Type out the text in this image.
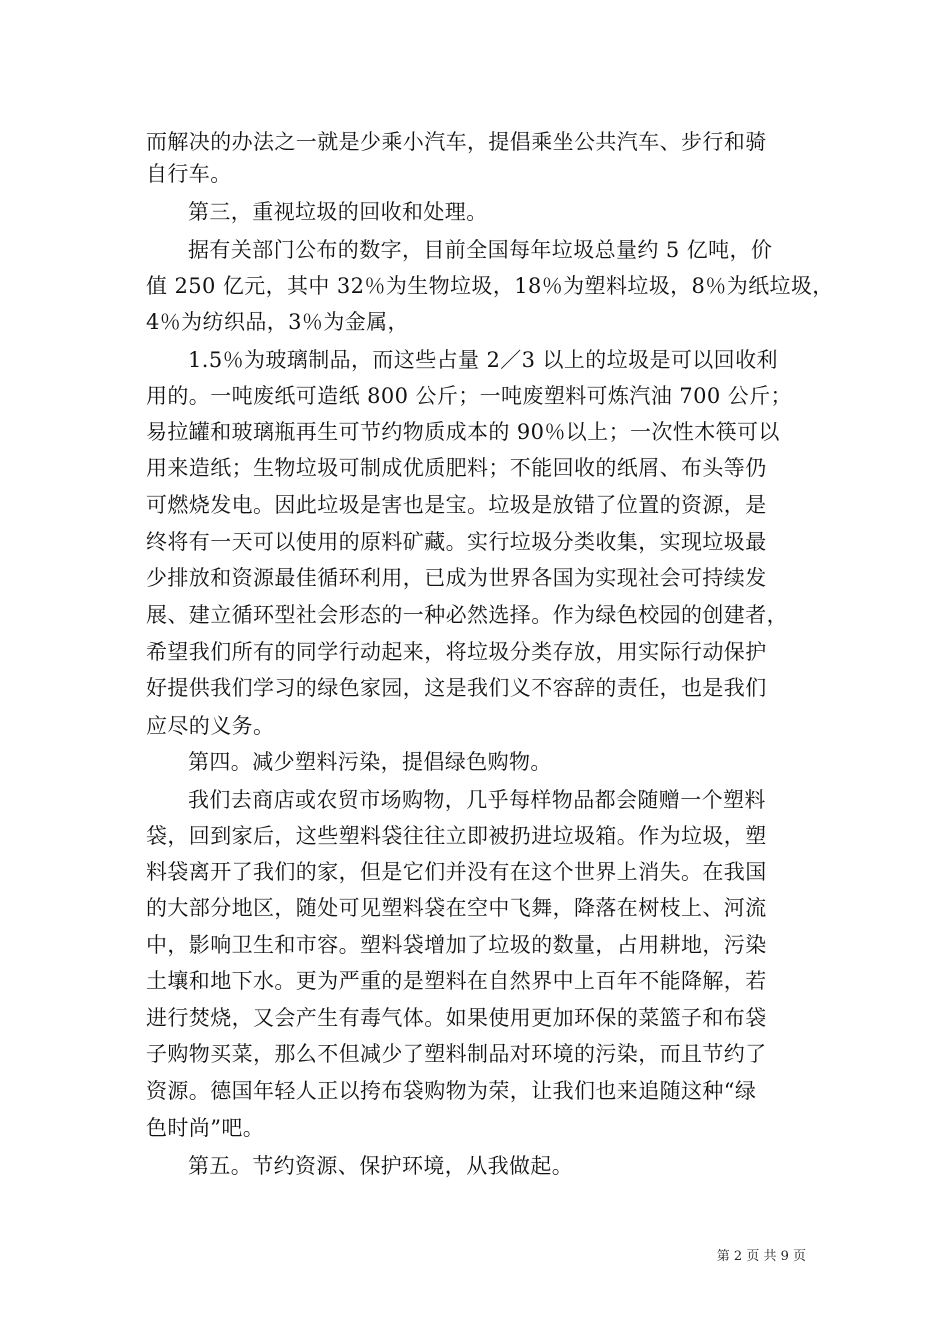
而解决的办法之一就是少乘小汽车，提倡乘坐公共汽车、步行和骑
自行车。
第三，重视垃圾的回收和处理。
据有关部门公布的数字，目前全国每年垃圾总量约 5 亿吨，价
值 250 亿元，其中 32％为生物垃圾，18％为塑料垃圾，8％为纸垃圾，
4％为纺织品，3％为金属，
1.5％为玻璃制品，而这些占量 2／3 以上的垃圾是可以回收利
用的。一吨废纸可造纸 800 公斤；一吨废塑料可炼汽油 700 公斤；
易拉罐和玻璃瓶再生可节约物质成本的 90％以上；一次性木筷可以
用来造纸；生物垃圾可制成优质肥料；不能回收的纸屑、布头等仍
可燃烧发电。因此垃圾是害也是宝。垃圾是放错了位置的资源，是
终将有一天可以使用的原料矿藏。实行垃圾分类收集，实现垃圾最
少排放和资源最佳循环利用，已成为世界各国为实现社会可持续发
展、建立循环型社会形态的一种必然选择。作为绿色校园的创建者，
希望我们所有的同学行动起来，将垃圾分类存放，用实际行动保护
好提供我们学习的绿色家园，这是我们义不容辞的责任，也是我们
应尽的义务。
第四。减少塑料污染，提倡绿色购物。
我们去商店或农贸市场购物，几乎每样物品都会随赠一个塑料
袋，回到家后，这些塑料袋往往立即被扔进垃圾箱。作为垃圾，塑
料袋离开了我们的家，但是它们并没有在这个世界上消失。在我国
的大部分地区，随处可见塑料袋在空中飞舞，降落在树枝上、河流
中，影响卫生和市容。塑料袋增加了垃圾的数量，占用耕地，污染
土壤和地下水。更为严重的是塑料在自然界中上百年不能降解，若
进行焚烧，又会产生有毒气体。如果使用更加环保的菜篮子和布袋
子购物买菜，那么不但减少了塑料制品对环境的污染，而且节约了
资源。德国年轻人正以挎布袋购物为荣，让我们也来追随这种“绿
色时尚”吧。
第五。节约资源、保护环境，从我做起。
第 2 页 共 9 页
